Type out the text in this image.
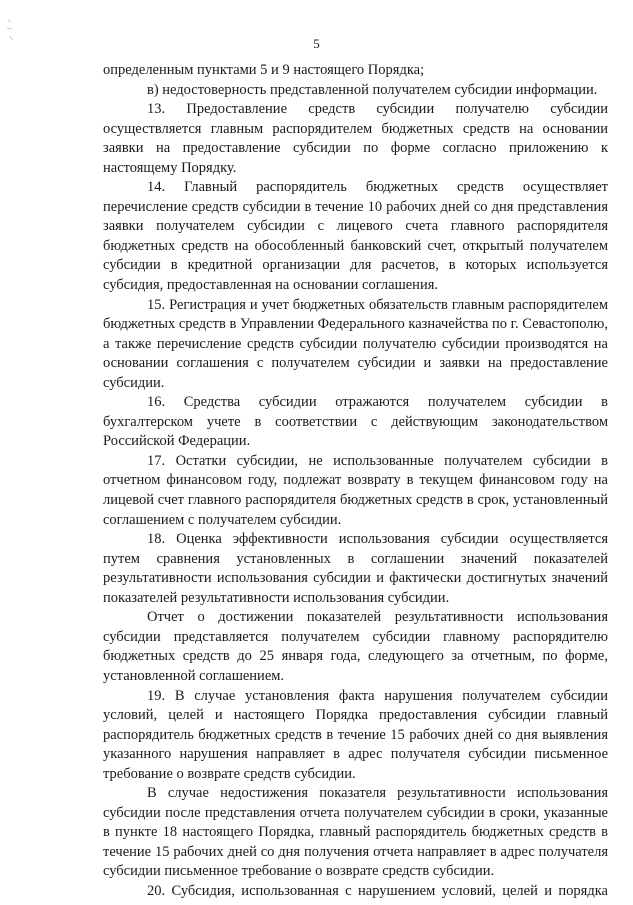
5

определенным пунктами 5 и 9 настоящего Порядка;

в) недостоверность представленной получателем субсидии информации.

13. Предоставление средств субсидии получателю субсидии осуществляется главным распорядителем бюджетных средств на основании заявки на предоставление субсидии по форме согласно приложению к настоящему Порядку.

14. Главный распорядитель бюджетных средств осуществляет перечисление средств субсидии в течение 10 рабочих дней со дня представления заявки получателем субсидии с лицевого счета главного распорядителя бюджетных средств на обособленный банковский счет, открытый получателем субсидии в кредитной организации для расчетов, в которых используется субсидия, предоставленная на основании соглашения.

15. Регистрация и учет бюджетных обязательств главным распорядителем бюджетных средств в Управлении Федерального казначейства по г. Севастополю, а также перечисление средств субсидии получателю субсидии производятся на основании соглашения с получателем субсидии и заявки на предоставление субсидии.

16. Средства субсидии отражаются получателем субсидии в бухгалтерском учете в соответствии с действующим законодательством Российской Федерации.

17. Остатки субсидии, не использованные получателем субсидии в отчетном финансовом году, подлежат возврату в текущем финансовом году на лицевой счет главного распорядителя бюджетных средств в срок, установленный соглашением с получателем субсидии.

18. Оценка эффективности использования субсидии осуществляется путем сравнения установленных в соглашении значений показателей результативности использования субсидии и фактически достигнутых значений показателей результативности использования субсидии.

Отчет о достижении показателей результативности использования субсидии представляется получателем субсидии главному распорядителю бюджетных средств до 25 января года, следующего за отчетным, по форме, установленной соглашением.

19. В случае установления факта нарушения получателем субсидии условий, целей и настоящего Порядка предоставления субсидии главный распорядитель бюджетных средств в течение 15 рабочих дней со дня выявления указанного нарушения направляет в адрес получателя субсидии письменное требование о возврате средств субсидии.

В случае недостижения показателя результативности использования субсидии после представления отчета получателем субсидии в сроки, указанные в пункте 18 настоящего Порядка, главный распорядитель бюджетных средств в течение 15 рабочих дней со дня получения отчета направляет в адрес получателя субсидии письменное требование о возврате средств субсидии.

20. Субсидия, использованная с нарушением условий, целей и порядка
